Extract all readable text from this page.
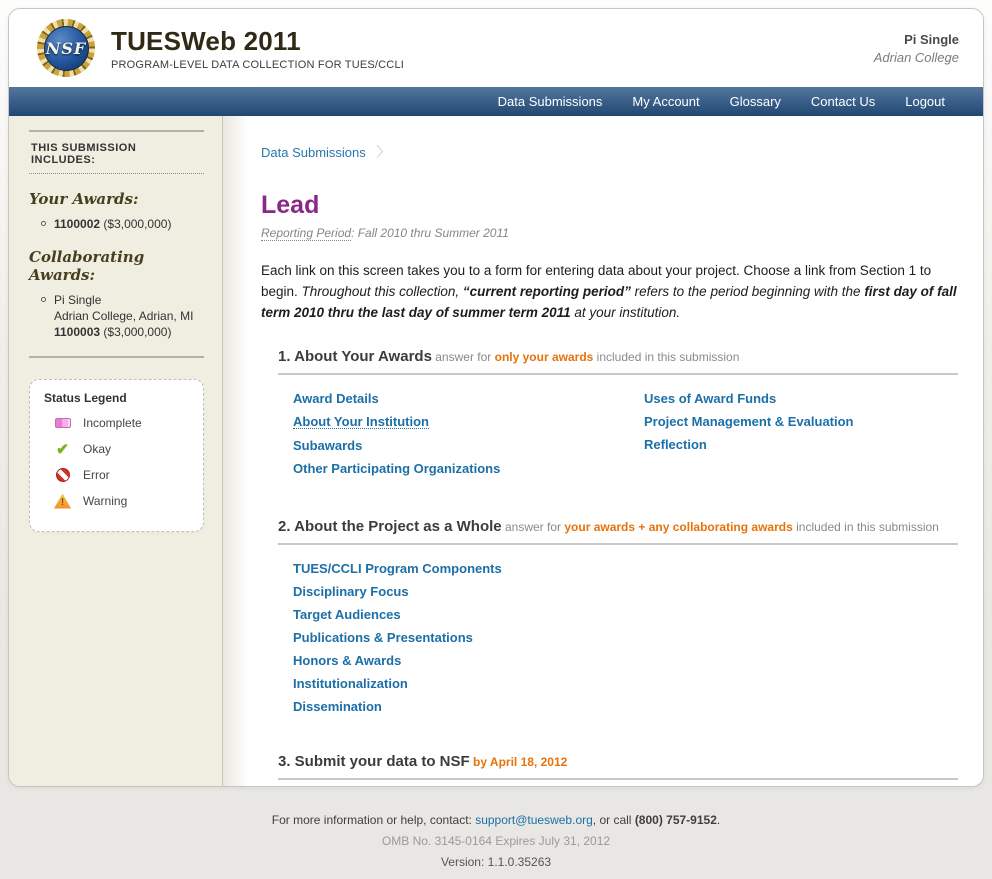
NSF TUESWeb 2011
PROGRAM-LEVEL DATA COLLECTION FOR TUES/CCLI
Pi Single
Adrian College
Data Submissions My Account Glossary Contact Us Logout
THIS SUBMISSION INCLUDES:
Your Awards:
1100002 ($3,000,000)
Collaborating Awards:
Pi Single
Adrian College, Adrian, MI
1100003 ($3,000,000)
Status Legend
Incomplete
✔ Okay
Error
!
Warning
Data Submissions 〉
Lead
Reporting Period: Fall 2010 thru Summer 2011
Each link on this screen takes you to a form for entering data about your project. Choose a link from Section 1 to begin. Throughout this collection, “current reporting period” refers to the period beginning with the first day of fall term 2010 thru the last day of summer term 2011 at your institution.
1. About Your Awards answer for only your awards included in this submission
Award Details
About Your Institution
Subawards
Other Participating Organizations
Uses of Award Funds
Project Management & Evaluation
Reflection
2. About the Project as a Whole answer for your awards + any collaborating awards included in this submission
TUES/CCLI Program Components
Disciplinary Focus
Target Audiences
Publications & Presentations
Honors & Awards
Institutionalization
Dissemination
3. Submit your data to NSF by April 18, 2012
For more information or help, contact: support@tuesweb.org, or call (800) 757-9152.
OMB No. 3145-0164 Expires July 31, 2012
Version: 1.1.0.35263
